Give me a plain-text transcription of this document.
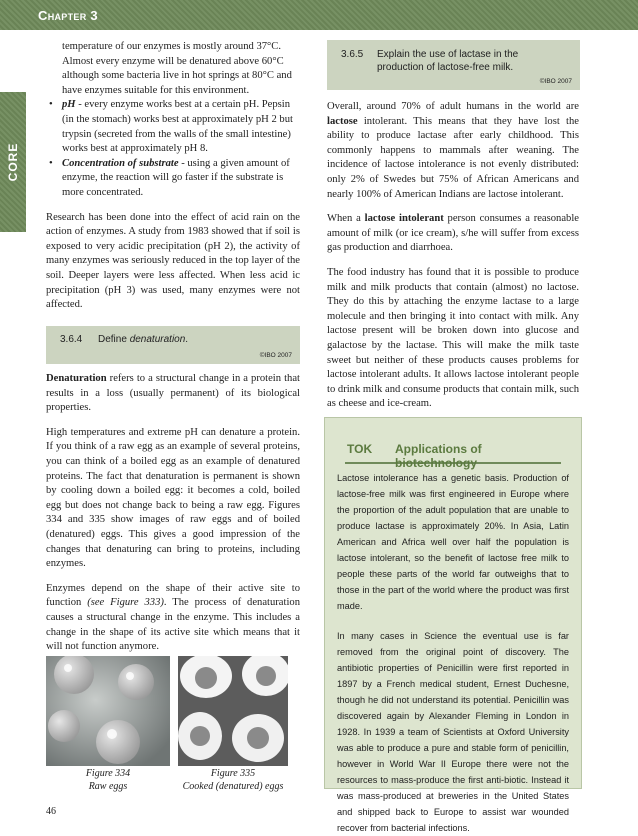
Chapter 3
CORE
temperature of our enzymes is mostly around 37°C.
Almost every enzyme will be denatured above 60°C
although some bacteria live in hot springs at 80°C and
have enzymes suitable for this environment.
• pH - every enzyme works best at a certain pH. Pepsin
(in the stomach) works best at approximately pH 2 but
trypsin (secreted from the walls of the small intestine)
works best at approximately pH 8.
• Concentration of substrate - using a given amount of
enzyme, the reaction will go faster if the substrate is
more concentrated.

Research has been done into the effect of acid rain on the action of enzymes. A study from 1983 showed that if soil is exposed to very acidic precipitation (pH 2), the activity of many enzymes was seriously reduced in the top layer of the soil. Deeper layers were less affected. When less acid ic precipitation (pH 3) was used, many enzymes were not affected.

3.6.4 Define denaturation.
©IBO 2007

Denaturation refers to a structural change in a protein that results in a loss (usually permanent) of its biological properties.

High temperatures and extreme pH can denature a protein. If you think of a raw egg as an example of several proteins, you can think of a boiled egg as an example of denatured proteins. The fact that denaturation is permanent is shown by cooling down a boiled egg: it becomes a cold, boiled egg but does not change back to being a raw egg. Figures 334 and 335 show images of raw eggs and of boiled (denatured) eggs. This gives a good impression of the changes that denaturing can bring to proteins, including enzymes.

Enzymes depend on the shape of their active site to function (see Figure 333). The process of denaturation causes a structural change in the enzyme. This includes a change in the shape of its active site which means that it will not function anymore.

Figure 334
Raw eggs
Figure 335
Cooked (denatured) eggs
46
3.6.5 Explain the use of lactase in the
production of lactose-free milk.
©IBO 2007

Overall, around 70% of adult humans in the world are lactose intolerant. This means that they have lost the ability to produce lactase after early childhood. This commonly happens to mammals after weaning. The incidence of lactose intolerance is not evenly distributed: only 2% of Swedes but 75% of African Americans and nearly 100% of American Indians are lactose intolerant.

When a lactose intolerant person consumes a reasonable amount of milk (or ice cream), s/he will suffer from excess gas production and diarrhoea.

The food industry has found that it is possible to produce milk and milk products that contain (almost) no lactose. They do this by attaching the enzyme lactase to a large molecule and then bringing it into contact with milk. Any lactose present will be broken down into glucose and galactose by the lactase. This will make the milk taste sweet but neither of these products causes problems for lactose intolerant adults. It allows lactose intolerant people to drink milk and consume products that contain milk, such as cheese and ice-cream.

TOK Applications of biotechnology

Lactose intolerance has a genetic basis. Production of lactose-free milk was first engineered in Europe where the proportion of the adult population that are unable to produce lactase is approximately 20%. In Asia, Latin American and Africa well over half the population is lactose intolerant, so the benefit of lactose free milk to people these parts of the world far outweighs that to those in the part of the world where the product was first made.

In many cases in Science the eventual use is far removed from the original point of discovery. The antibiotic properties of Penicillin were first reported in 1897 by a French medical student, Ernest Duchesne, though he did not understand its potential. Penicillin was discovered again by Alexander Fleming in London in 1928. In 1939 a team of Scientists at Oxford University was able to produce a pure and stable form of penicillin, however in World War II Europe there were not the resources to mass-produce the first anti-biotic. Instead it was mass-produced at breweries in the United States and shipped back to Europe to assist war wounded recover from bacterial infections.
